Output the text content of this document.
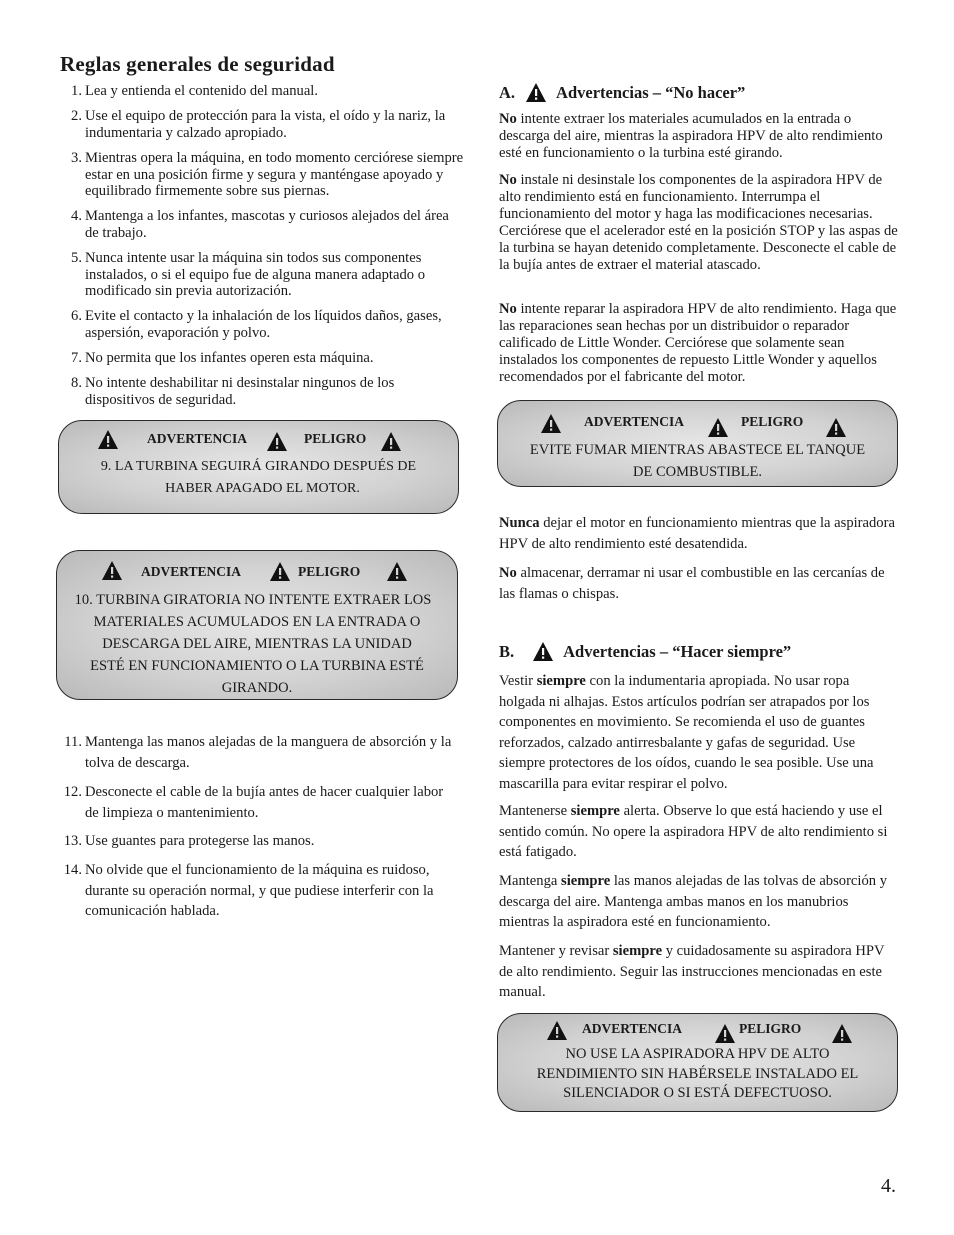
Reglas generales de seguridad
1. Lea y entienda el contenido del manual.
2. Use el equipo de protección para la vista, el oído y la nariz, la indumentaria y calzado apropiado.
3. Mientras opera la máquina, en todo momento cerciórese siempre estar en una posición firme y segura y manténgase apoyado y equilibrado firmemente sobre sus piernas.
4. Mantenga a los infantes, mascotas y curiosos alejados del área de trabajo.
5. Nunca intente usar la máquina sin todos sus componentes instalados, o si el equipo fue de alguna manera adaptado o modificado sin previa autorización.
6. Evite el contacto y la inhalación de los líquidos daños, gases, aspersión, evaporación y polvo.
7. No permita que los infantes operen esta máquina.
8. No intente deshabilitar ni desinstalar ningunos de los dispositivos de seguridad.
ADVERTENCIA	PELIGRO
9. LA TURBINA SEGUIRÁ GIRANDO DESPUÉS DE
HABER APAGADO EL MOTOR.
ADVERTENCIA	PELIGRO
10. TURBINA GIRATORIA NO INTENTE EXTRAER LOS
MATERIALES ACUMULADOS EN LA ENTRADA O
DESCARGA DEL AIRE, MIENTRAS LA UNIDAD
ESTÉ EN FUNCIONAMIENTO O LA TURBINA ESTÉ
GIRANDO.
11. Mantenga las manos alejadas de la manguera de absorción y la tolva de descarga.
12. Desconecte el cable de la bujía antes de hacer cualquier labor de limpieza o mantenimiento.
13. Use guantes para protegerse las manos.
14. No olvide que el funcionamiento de la máquina es ruidoso, durante su operación normal, y que pudiese interferir con la comunicación hablada.
A. Advertencias – “No hacer”
No intente extraer los materiales acumulados en la entrada o descarga del aire, mientras la aspiradora HPV de alto rendimiento esté en funcionamiento o la turbina esté girando.
No instale ni desinstale los componentes de la aspiradora HPV de alto rendimiento está en funcionamiento. Interrumpa el funcionamiento del motor y haga las modificaciones necesarias. Cerciórese que el acelerador esté en la posición STOP y las aspas de la turbina se hayan detenido completamente. Desconecte el cable de la bujía antes de extraer el material atascado.
No intente reparar la aspiradora HPV de alto rendimiento. Haga que las reparaciones sean hechas por un distribuidor o reparador calificado de Little Wonder. Cerciórese que solamente sean instalados los componentes de repuesto Little Wonder y aquellos recomendados por el fabricante del motor.
ADVERTENCIA	PELIGRO
EVITE FUMAR MIENTRAS ABASTECE EL TANQUE
DE COMBUSTIBLE.
Nunca dejar el motor en funcionamiento mientras que la aspiradora HPV de alto rendimiento esté desatendida.
No almacenar, derramar ni usar el combustible en las cercanías de las flamas o chispas.
B.	Advertencias – “Hacer siempre”
Vestir siempre con la indumentaria apropiada. No usar ropa holgada ni alhajas. Estos artículos podrían ser atrapados por los componentes en movimiento. Se recomienda el uso de guantes reforzados, calzado antirresbalante y gafas de seguridad. Use siempre protectores de los oídos, cuando le sea posible. Use una mascarilla para evitar respirar el polvo.
Mantenerse siempre alerta. Observe lo que está haciendo y use el sentido común. No opere la aspiradora HPV de alto rendimiento si está fatigado.
Mantenga siempre las manos alejadas de las tolvas de absorción y descarga del aire. Mantenga ambas manos en los manubrios mientras la aspiradora esté en funcionamiento.
Mantener y revisar siempre y cuidadosamente su aspiradora HPV de alto rendimiento. Seguir las instrucciones mencionadas en este manual.
ADVERTENCIA	PELIGRO
NO USE LA ASPIRADORA HPV DE ALTO
RENDIMIENTO SIN HABÉRSELE INSTALADO EL
SILENCIADOR O SI ESTÁ DEFECTUOSO.
4.
